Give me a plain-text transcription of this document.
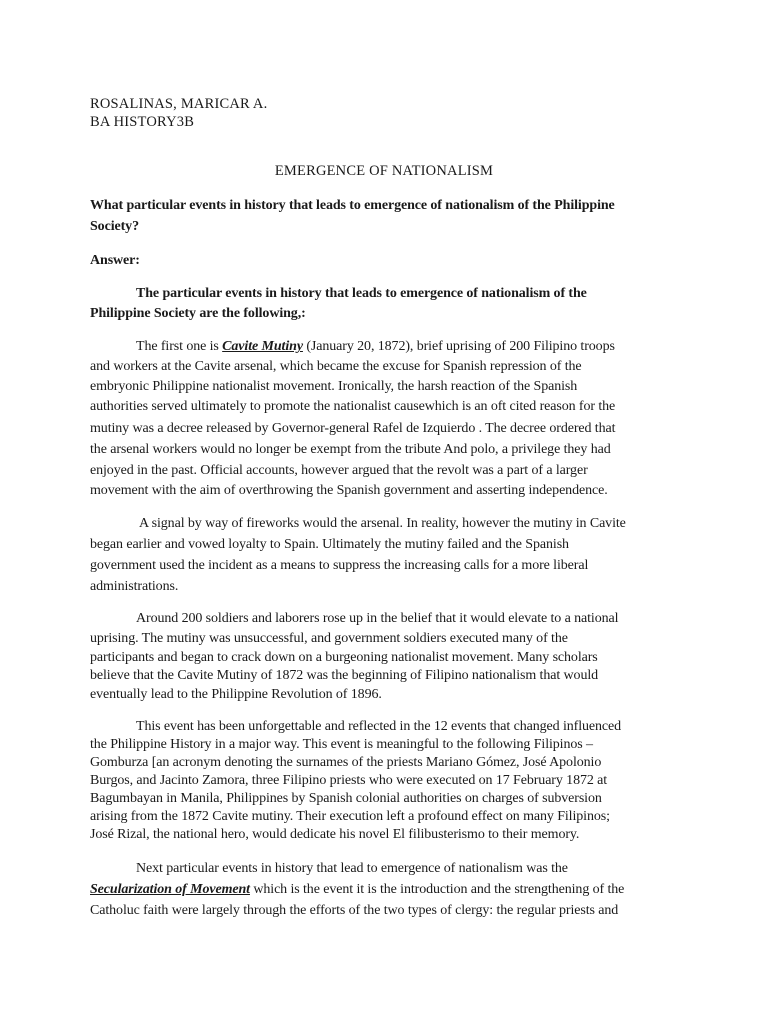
ROSALINAS, MARICAR A.
BA HISTORY3B
EMERGENCE OF NATIONALISM
What particular events in history that leads to emergence of nationalism of the Philippine
Society?
Answer:
The particular events in history that leads to emergence of nationalism of the
Philippine Society are the following,:
The first one is Cavite Mutiny (January 20, 1872), brief uprising of 200 Filipino troops
and workers at the Cavite arsenal, which became the excuse for Spanish repression of the
embryonic Philippine nationalist movement. Ironically, the harsh reaction of the Spanish
authorities served ultimately to promote the nationalist causewhich is an oft cited reason for the
mutiny was a decree released by Governor-general Rafel de Izquierdo . The decree ordered that
the arsenal workers would no longer be exempt from the tribute And polo, a privilege they had
enjoyed in the past. Official accounts, however argued that the revolt was a part of a larger
movement with the aim of overthrowing the Spanish government and asserting independence.
A signal by way of fireworks would the arsenal. In reality, however the mutiny in Cavite
began earlier and vowed loyalty to Spain. Ultimately the mutiny failed and the Spanish
government used the incident as a means to suppress the increasing calls for a more liberal
administrations.
Around 200 soldiers and laborers rose up in the belief that it would elevate to a national
uprising. The mutiny was unsuccessful, and government soldiers executed many of the
participants and began to crack down on a burgeoning nationalist movement. Many scholars
believe that the Cavite Mutiny of 1872 was the beginning of Filipino nationalism that would
eventually lead to the Philippine Revolution of 1896.
This event has been unforgettable and reflected in the 12 events that changed influenced
the Philippine History in a major way. This event is meaningful to the following Filipinos –
Gomburza [an acronym denoting the surnames of the priests Mariano Gómez, José Apolonio
Burgos, and Jacinto Zamora, three Filipino priests who were executed on 17 February 1872 at
Bagumbayan in Manila, Philippines by Spanish colonial authorities on charges of subversion
arising from the 1872 Cavite mutiny. Their execution left a profound effect on many Filipinos;
José Rizal, the national hero, would dedicate his novel El filibusterismo to their memory.
Next particular events in history that lead to emergence of nationalism was the
Secularization of Movement which is the event it is the introduction and the strengthening of the
Catholuc faith were largely through the efforts of the two types of clergy: the regular priests and
